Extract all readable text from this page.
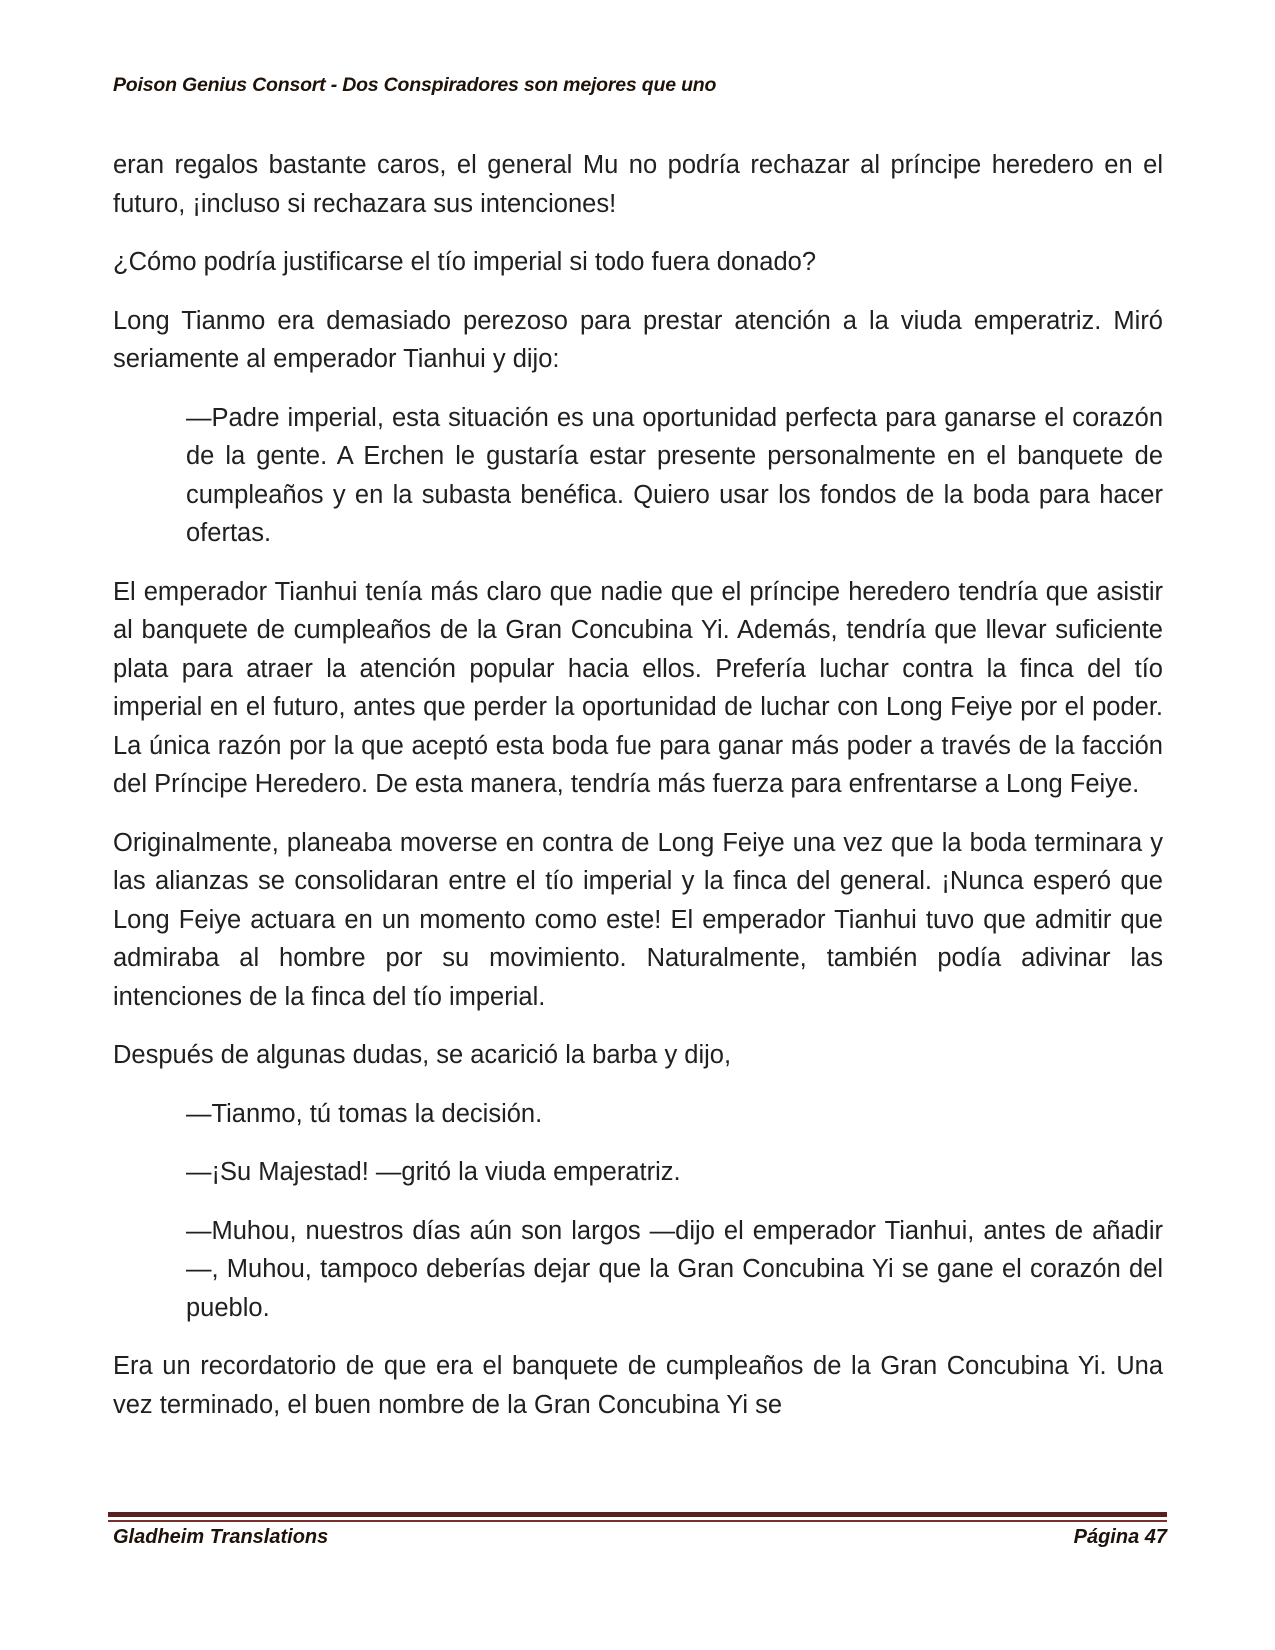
Poison Genius Consort - Dos Conspiradores son mejores que uno

eran regalos bastante caros, el general Mu no podría rechazar al príncipe heredero en el futuro, ¡incluso si rechazara sus intenciones!

¿Cómo podría justificarse el tío imperial si todo fuera donado?

Long Tianmo era demasiado perezoso para prestar atención a la viuda emperatriz. Miró seriamente al emperador Tianhui y dijo:

—Padre imperial, esta situación es una oportunidad perfecta para ganarse el corazón de la gente. A Erchen le gustaría estar presente personalmente en el banquete de cumpleaños y en la subasta benéfica. Quiero usar los fondos de la boda para hacer ofertas.

El emperador Tianhui tenía más claro que nadie que el príncipe heredero tendría que asistir al banquete de cumpleaños de la Gran Concubina Yi. Además, tendría que llevar suficiente plata para atraer la atención popular hacia ellos. Prefería luchar contra la finca del tío imperial en el futuro, antes que perder la oportunidad de luchar con Long Feiye por el poder. La única razón por la que aceptó esta boda fue para ganar más poder a través de la facción del Príncipe Heredero. De esta manera, tendría más fuerza para enfrentarse a Long Feiye.

Originalmente, planeaba moverse en contra de Long Feiye una vez que la boda terminara y las alianzas se consolidaran entre el tío imperial y la finca del general. ¡Nunca esperó que Long Feiye actuara en un momento como este! El emperador Tianhui tuvo que admitir que admiraba al hombre por su movimiento. Naturalmente, también podía adivinar las intenciones de la finca del tío imperial.

Después de algunas dudas, se acarició la barba y dijo,

—Tianmo, tú tomas la decisión.

—¡Su Majestad! —gritó la viuda emperatriz.

—Muhou, nuestros días aún son largos —dijo el emperador Tianhui, antes de añadir—, Muhou, tampoco deberías dejar que la Gran Concubina Yi se gane el corazón del pueblo.

Era un recordatorio de que era el banquete de cumpleaños de la Gran Concubina Yi. Una vez terminado, el buen nombre de la Gran Concubina Yi se

Gladheim Translations	Página 47
